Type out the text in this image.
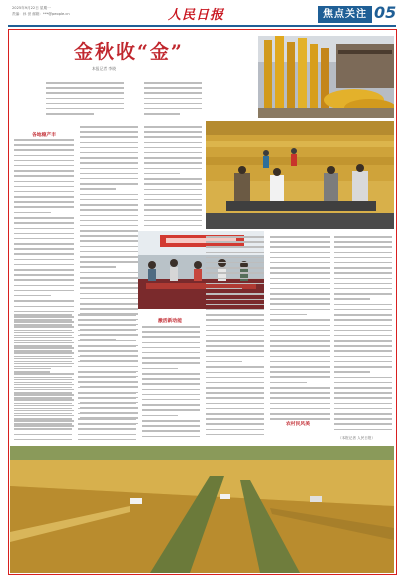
2025年9月22日 星期一
责编：孙 世 邮箱：***@people.cn	人民日报	焦点关注 05
金秋收“金”
本报记者 李晓
各地稳产丰
激活新动能
农村民风美
（本报记者 人民日报）
